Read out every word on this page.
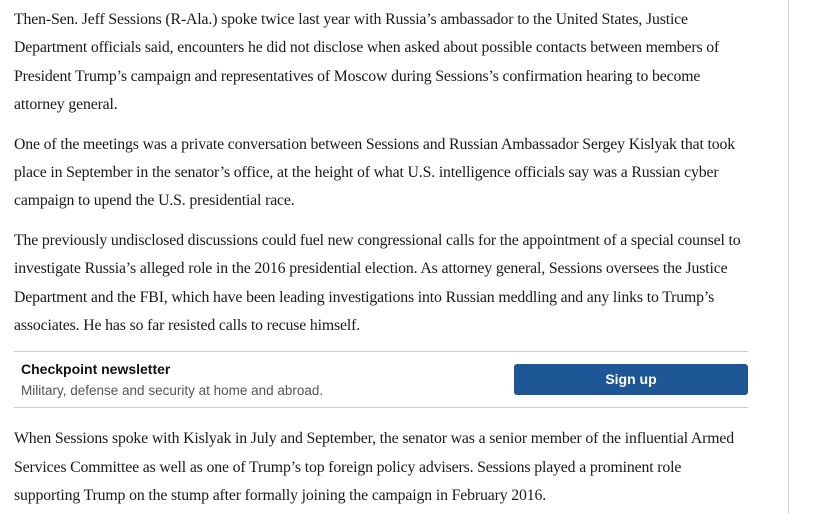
Then-Sen. Jeff Sessions (R-Ala.) spoke twice last year with Russia’s ambassador to the United States, Justice Department officials said, encounters he did not disclose when asked about possible contacts between members of President Trump’s campaign and representatives of Moscow during Sessions’s confirmation hearing to become attorney general.

One of the meetings was a private conversation between Sessions and Russian Ambassador Sergey Kislyak that took place in September in the senator’s office, at the height of what U.S. intelligence officials say was a Russian cyber campaign to upend the U.S. presidential race.

The previously undisclosed discussions could fuel new congressional calls for the appointment of a special counsel to investigate Russia’s alleged role in the 2016 presidential election. As attorney general, Sessions oversees the Justice Department and the FBI, which have been leading investigations into Russian meddling and any links to Trump’s associates. He has so far resisted calls to recuse himself.

Checkpoint newsletter
Military, defense and security at home and abroad.
Sign up

When Sessions spoke with Kislyak in July and September, the senator was a senior member of the influential Armed Services Committee as well as one of Trump’s top foreign policy advisers. Sessions played a prominent role supporting Trump on the stump after formally joining the campaign in February 2016.
